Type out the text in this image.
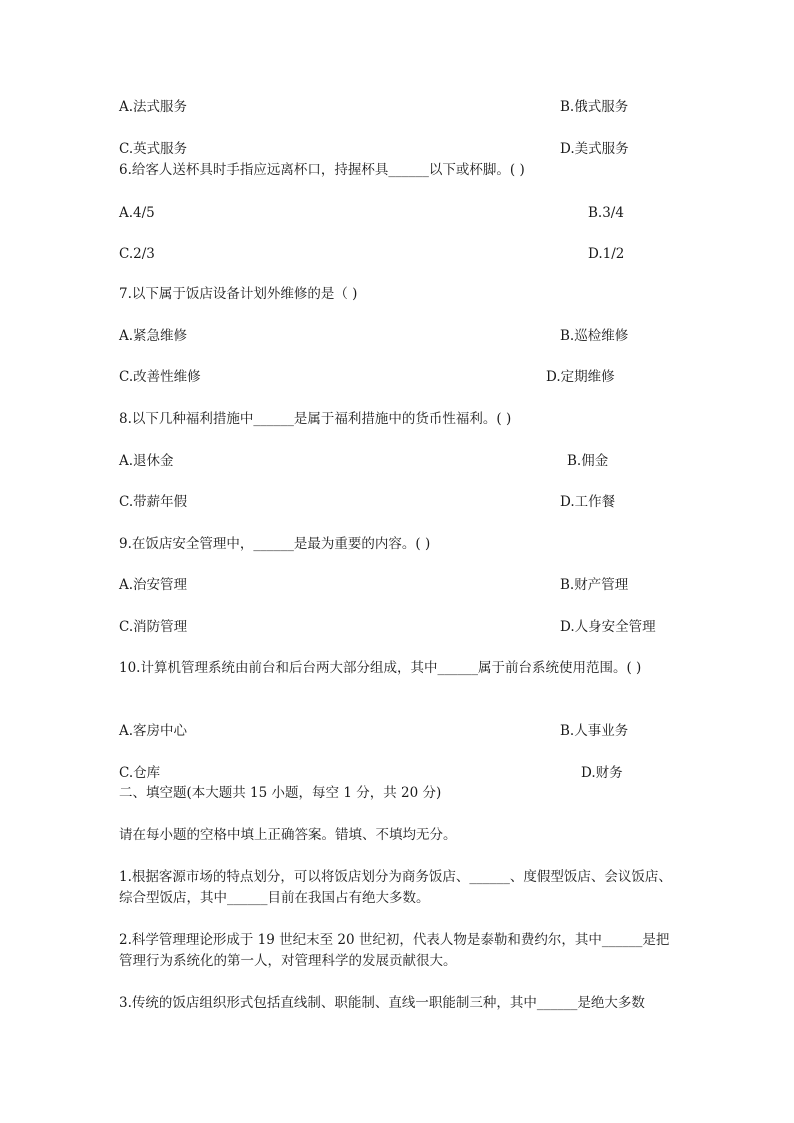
A.法式服务	B.俄式服务
C.英式服务	D.美式服务
6.给客人送杯具时手指应远离杯口，持握杯具______以下或杯脚。( )
A.4/5	B.3/4
C.2/3	D.1/2
7.以下属于饭店设备计划外维修的是（ )
A.紧急维修	B.巡检维修
C.改善性维修	D.定期维修
8.以下几种福利措施中______是属于福利措施中的货币性福利。( )
A.退休金	B.佣金
C.带薪年假	D.工作餐
9.在饭店安全管理中，______是最为重要的内容。( )
A.治安管理	B.财产管理
C.消防管理	D.人身安全管理
10.计算机管理系统由前台和后台两大部分组成，其中______属于前台系统使用范围。( )
A.客房中心	B.人事业务
C.仓库	D.财务
二、填空题(本大题共 15 小题，每空 1 分，共 20 分)
请在每小题的空格中填上正确答案。错填、不填均无分。
1.根据客源市场的特点划分，可以将饭店划分为商务饭店、______、度假型饭店、会议饭店、综合型饭店，其中______目前在我国占有绝大多数。
2.科学管理理论形成于 19 世纪末至 20 世纪初，代表人物是泰勒和费约尔，其中______是把管理行为系统化的第一人，对管理科学的发展贡献很大。
3.传统的饭店组织形式包括直线制、职能制、直线一职能制三种，其中______是绝大多数
